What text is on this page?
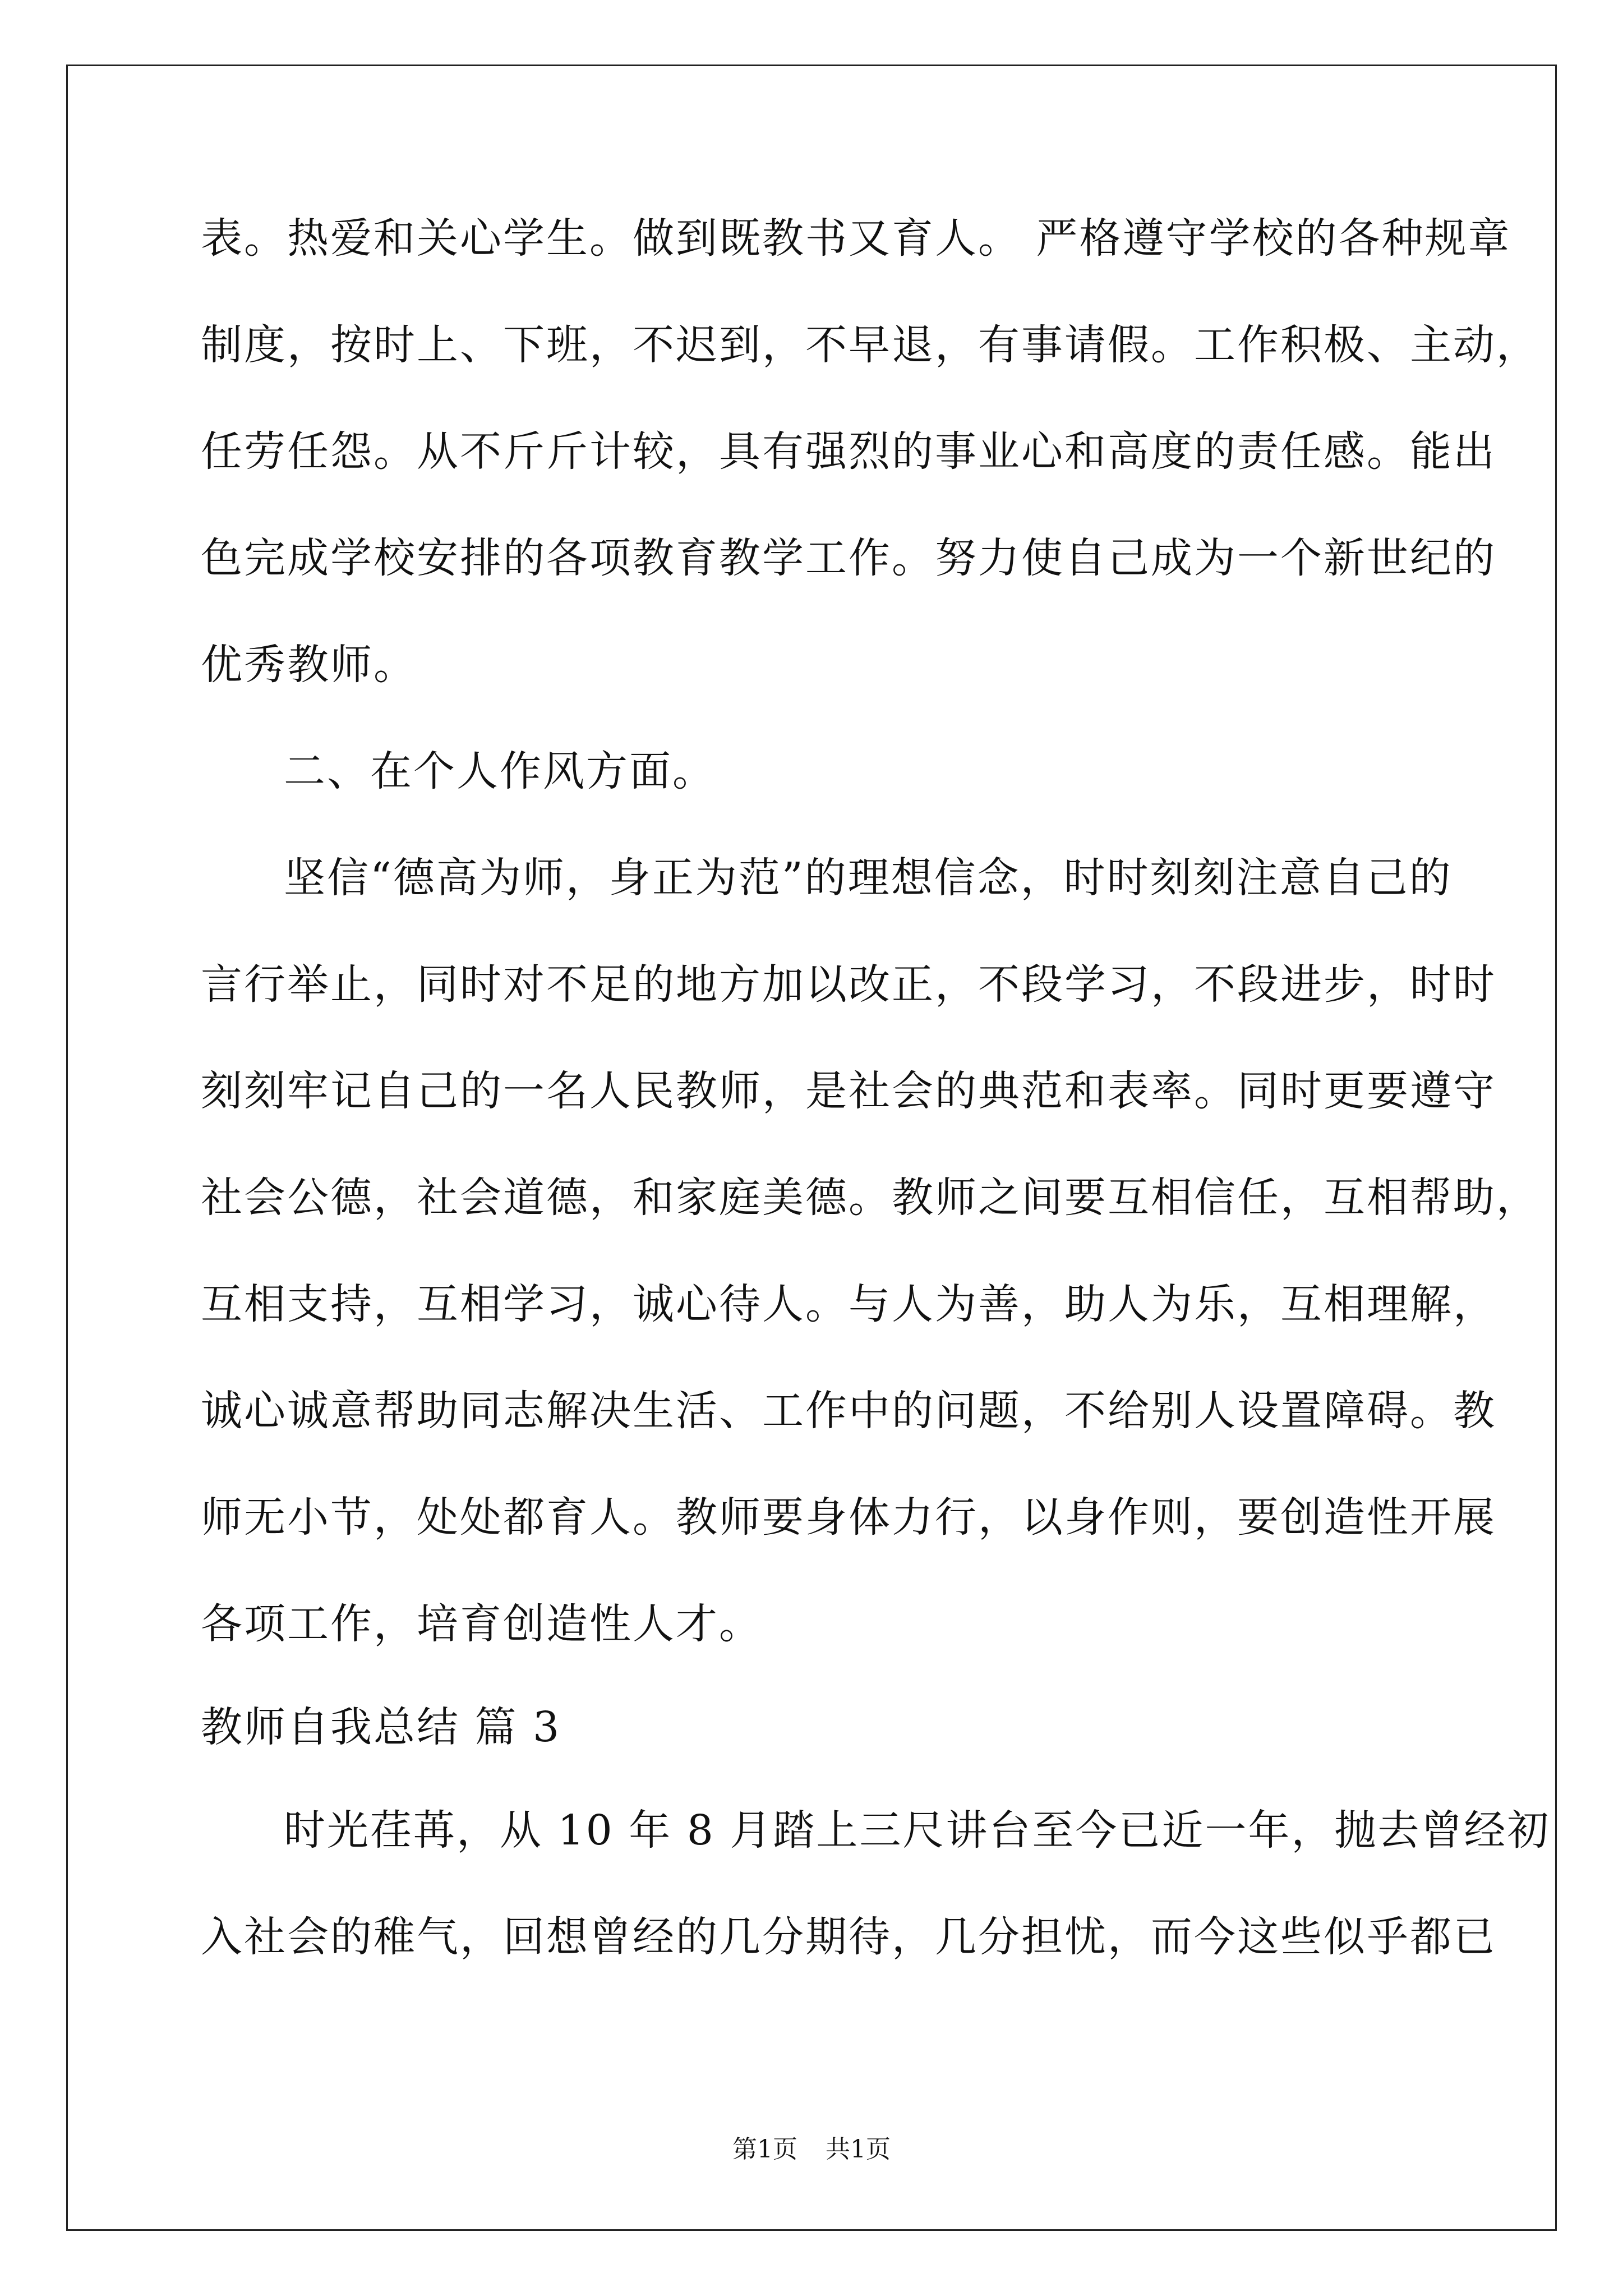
表。热爱和关心学生。做到既教书又育人。 严格遵守学校的各种规章
制度，按时上、下班，不迟到，不早退，有事请假。工作积极、主动，
任劳任怨。从不斤斤计较，具有强烈的事业心和高度的责任感。能出
色完成学校安排的各项教育教学工作。努力使自己成为一个新世纪的
优秀教师。
二、在个人作风方面。
坚信“德高为师，身正为范”的理想信念，时时刻刻注意自己的
言行举止，同时对不足的地方加以改正，不段学习，不段进步，时时
刻刻牢记自己的一名人民教师，是社会的典范和表率。同时更要遵守
社会公德，社会道德，和家庭美德。教师之间要互相信任，互相帮助，
互相支持，互相学习，诚心待人。与人为善，助人为乐，互相理解，
诚心诚意帮助同志解决生活、工作中的问题，不给别人设置障碍。教
师无小节，处处都育人。教师要身体力行，以身作则，要创造性开展
各项工作，培育创造性人才。
教师自我总结 篇 3
时光荏苒，从 10 年 8 月踏上三尺讲台至今已近一年，抛去曾经初
入社会的稚气，回想曾经的几分期待，几分担忧，而今这些似乎都已
第1页 共1页
